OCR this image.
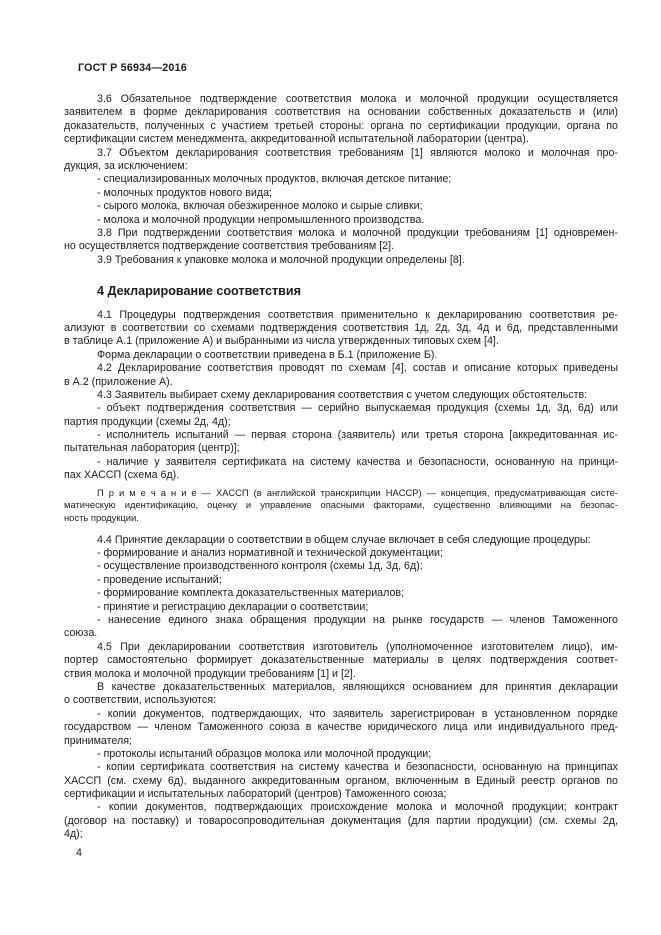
ГОСТ Р 56934—2016
3.6 Обязательное подтверждение соответствия молока и молочной продукции осуществляется
заявителем в форме декларирования соответствия на основании собственных доказательств и (или)
доказательств, полученных с участием третьей стороны: органа по сертификации продукции, органа по
сертификации систем менеджмента, аккредитованной испытательной лаборатории (центра).
3.7 Объектом декларирования соответствия требованиям [1] являются молоко и молочная про-
дукция, за исключением:
- специализированных молочных продуктов, включая детское питание;
- молочных продуктов нового вида;
- сырого молока, включая обезжиренное молоко и сырые сливки;
- молока и молочной продукции непромышленного производства.
3.8 При подтверждении соответствия молока и молочной продукции требованиям [1] одновремен-
но осуществляется подтверждение соответствия требованиям [2].
3.9 Требования к упаковке молока и молочной продукции определены [8].
4 Декларирование соответствия
4.1 Процедуры подтверждения соответствия применительно к декларированию соответствия ре-
ализуют в соответствии со схемами подтверждения соответствия 1д, 2д, 3д, 4д и 6д, представленными
в таблице А.1 (приложение А) и выбранными из числа утвержденных типовых схем [4].
Форма декларации о соответствии приведена в Б.1 (приложение Б).
4.2 Декларирование соответствия проводят по схемам [4], состав и описание которых приведены
в А.2 (приложение А).
4.3 Заявитель выбирает схему декларирования соответствия с учетом следующих обстоятельств:
- объект подтверждения соответствия — серийно выпускаемая продукция (схемы 1д, 3д, 6д) или
партия продукции (схемы 2д, 4д);
- исполнитель испытаний — первая сторона (заявитель) или третья сторона [аккредитованная ис-
пытательная лаборатория (центр)];
- наличие у заявителя сертификата на систему качества и безопасности, основанную на принци-
пах ХАССП (схема 6д).
П р и м е ч а н и е — ХАССП (в английской транскрипции HACCP) — концепция, предусматривающая систе-
матическую идентификацию, оценку и управление опасными факторами, существенно влияющими на безопас-
ность продукции.
4.4 Принятие декларации о соответствии в общем случае включает в себя следующие процедуры:
- формирование и анализ нормативной и технической документации;
- осуществление производственного контроля (схемы 1д, 3д, 6д);
- проведение испытаний;
- формирование комплекта доказательственных материалов;
- принятие и регистрацию декларации о соответствии;
- нанесение единого знака обращения продукции на рынке государств — членов Таможенного
союза.
4.5 При декларировании соответствия изготовитель (уполномоченное изготовителем лицо), им-
портер самостоятельно формирует доказательственные материалы в целях подтверждения соответ-
ствия молока и молочной продукции требованиям [1] и [2].
В качестве доказательственных материалов, являющихся основанием для принятия декларации
о соответствии, используются:
- копии документов, подтверждающих, что заявитель зарегистрирован в установленном порядке
государством — членом Таможенного союза в качестве юридического лица или индивидуального пред-
принимателя;
- протоколы испытаний образцов молока или молочной продукции;
- копии сертификата соответствия на систему качества и безопасности, основанную на принципах
ХАССП (см. схему 6д), выданного аккредитованным органом, включенным в Единый реестр органов по
сертификации и испытательных лабораторий (центров) Таможенного союза;
- копии документов, подтверждающих происхождение молока и молочной продукции; контракт
(договор на поставку) и товаросопроводительная документация (для партии продукции) (см. схемы 2д,
4д);
4
